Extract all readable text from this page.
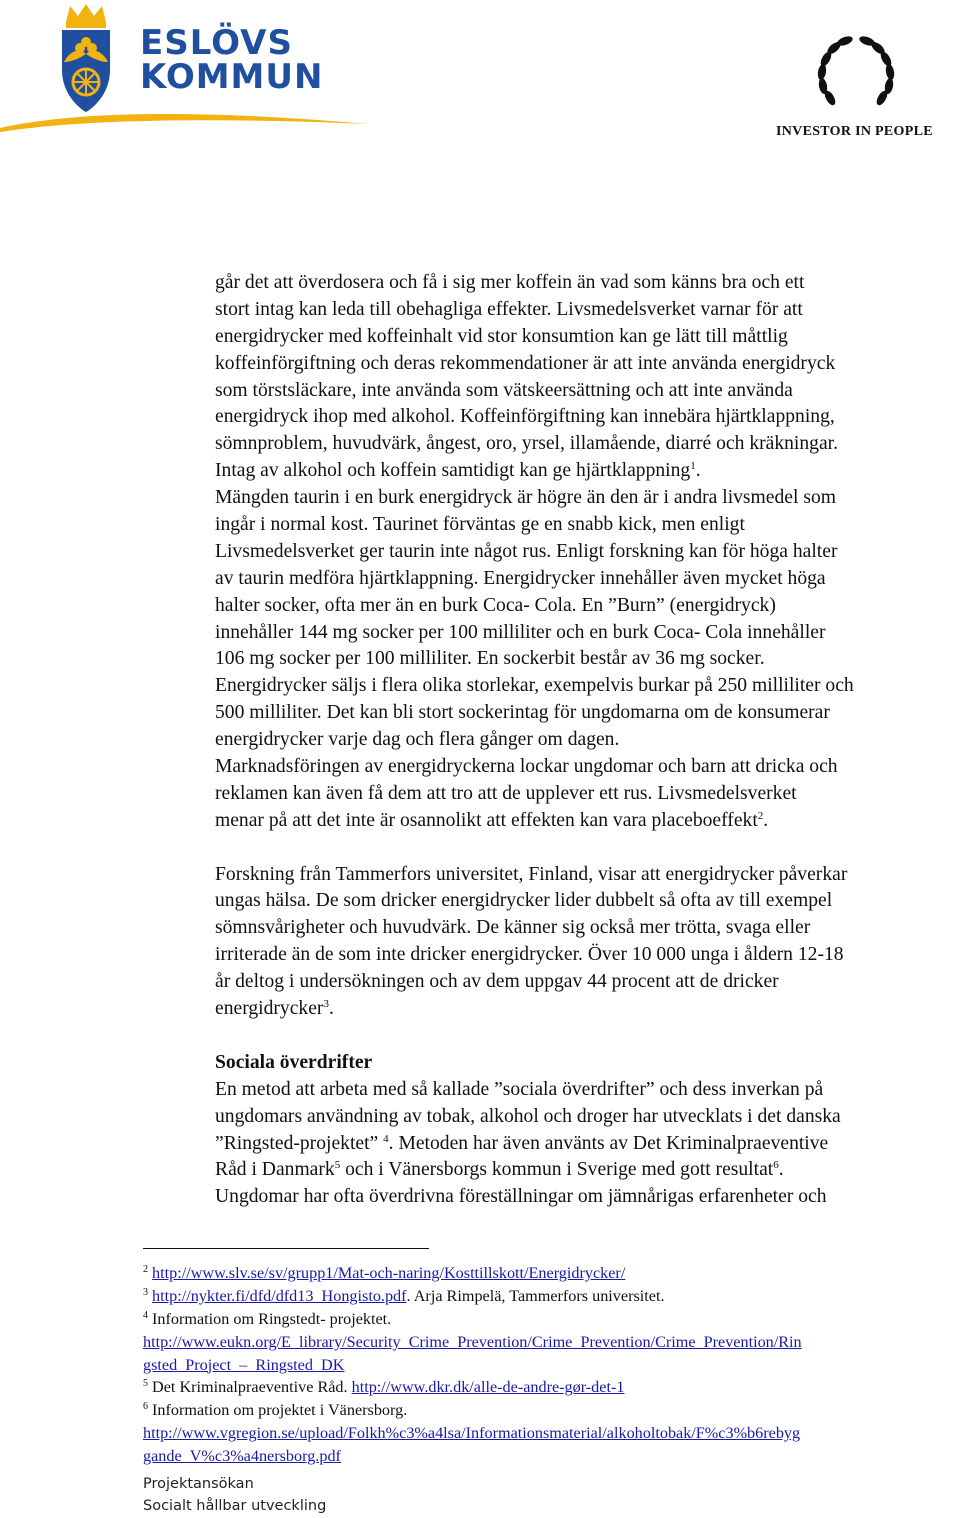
ESLÖVS
KOMMUN
INVESTOR IN PEOPLE
går det att överdosera och få i sig mer koffein än vad som känns bra och ett
stort intag kan leda till obehagliga effekter. Livsmedelsverket varnar för att
energidrycker med koffeinhalt vid stor konsumtion kan ge lätt till måttlig
koffeinförgiftning och deras rekommendationer är att inte använda energidryck
som törstsläckare, inte använda som vätskeersättning och att inte använda
energidryck ihop med alkohol. Koffeinförgiftning kan innebära hjärtklappning,
sömnproblem, huvudvärk, ångest, oro, yrsel, illamående, diarré och kräkningar.
Intag av alkohol och koffein samtidigt kan ge hjärtklappning$^1$.
Mängden taurin i en burk energidryck är högre än den är i andra livsmedel som
ingår i normal kost. Taurinet förväntas ge en snabb kick, men enligt
Livsmedelsverket ger taurin inte något rus. Enligt forskning kan för höga halter
av taurin medföra hjärtklappning. Energidrycker innehåller även mycket höga
halter socker, ofta mer än en burk Coca- Cola. En ”Burn” (energidryck)
innehåller 144 mg socker per 100 milliliter och en burk Coca- Cola innehåller
106 mg socker per 100 milliliter. En sockerbit består av 36 mg socker.
Energidrycker säljs i flera olika storlekar, exempelvis burkar på 250 milliliter och
500 milliliter. Det kan bli stort sockerintag för ungdomarna om de konsumerar
energidrycker varje dag och flera gånger om dagen.
Marknadsföringen av energidryckerna lockar ungdomar och barn att dricka och
reklamen kan även få dem att tro att de upplever ett rus. Livsmedelsverket
menar på att det inte är osannolikt att effekten kan vara placeboeffekt$^2$.
Forskning från Tammerfors universitet, Finland, visar att energidrycker påverkar
ungas hälsa. De som dricker energidrycker lider dubbelt så ofta av till exempel
sömnsvårigheter och huvudvärk. De känner sig också mer trötta, svaga eller
irriterade än de som inte dricker energidrycker. Över 10 000 unga i åldern 12-18
år deltog i undersökningen och av dem uppgav 44 procent att de dricker
energidrycker$^3$.
Sociala överdrifter
En metod att arbeta med så kallade ”sociala överdrifter” och dess inverkan på
ungdomars användning av tobak, alkohol och droger har utvecklats i det danska
”Ringsted-projektet” $^4$. Metoden har även använts av Det Kriminalpraeventive
Råd i Danmark$^5$ och i Vänersborgs kommun i Sverige med gott resultat$^6$.
Ungdomar har ofta överdrivna föreställningar om jämnårigas erfarenheter och
$^2$ http://www.slv.se/sv/grupp1/Mat-och-naring/Kosttillskott/Energidrycker/
$^3$ http://nykter.fi/dfd/dfd13_Hongisto.pdf. Arja Rimpelä, Tammerfors universitet.
$^4$ Information om Ringstedt- projektet.
http://www.eukn.org/E_library/Security_Crime_Prevention/Crime_Prevention/Crime_Prevention/Rin
gsted_Project_–_Ringsted_DK
$^5$ Det Kriminalpraeventive Råd. http://www.dkr.dk/alle-de-andre-gør-det-1
$^6$ Information om projektet i Vänersborg.
http://www.vgregion.se/upload/Folkh%c3%a4lsa/Informationsmaterial/alkoholtobak/F%c3%b6rebyg
gande_V%c3%a4nersborg.pdf
Projektansökan
Socialt hållbar utveckling
